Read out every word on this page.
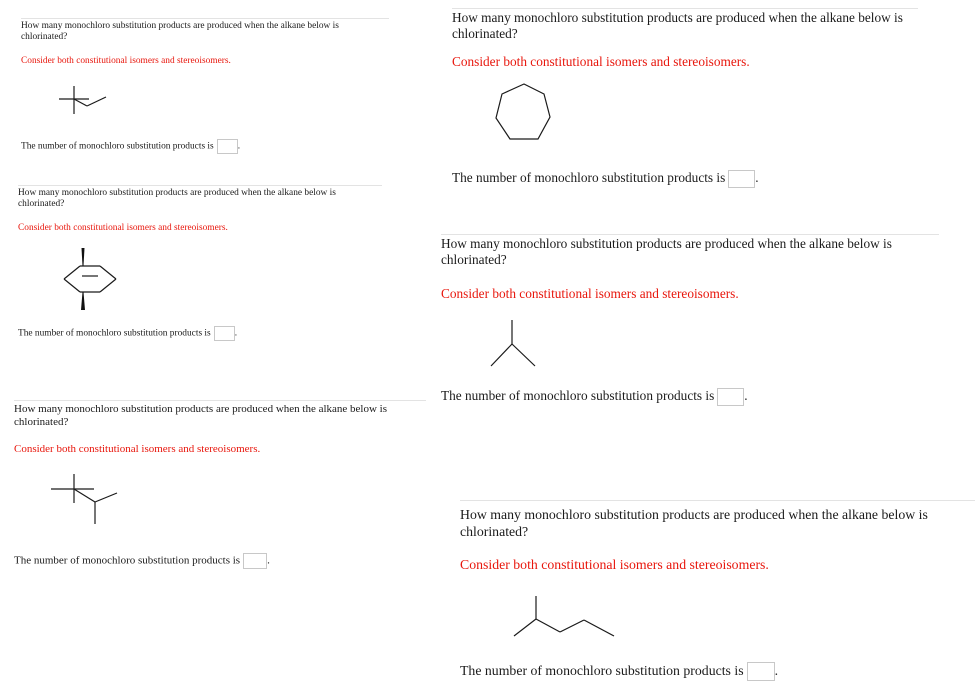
How many monochloro substitution products are produced when the alkane below is chlorinated?

Consider both constitutional isomers and stereoisomers.

The number of monochloro substitution products is	.

How many monochloro substitution products are produced when the alkane below is chlorinated?

Consider both constitutional isomers and stereoisomers.

The number of monochloro substitution products is .

How many monochloro substitution products are produced when the alkane below is chlorinated?

Consider both constitutional isomers and stereoisomers.

The number of monochloro substitution products is	.

How many monochloro substitution products are produced when the alkane below is chlorinated?

Consider both constitutional isomers and stereoisomers.

The number of monochloro substitution products is .

How many monochloro substitution products are produced when the alkane below is chlorinated?

Consider both constitutional isomers and stereoisomers.

The number of monochloro substitution products is .

How many monochloro substitution products are produced when the alkane below is chlorinated?

Consider both constitutional isomers and stereoisomers.

The number of monochloro substitution products is .
